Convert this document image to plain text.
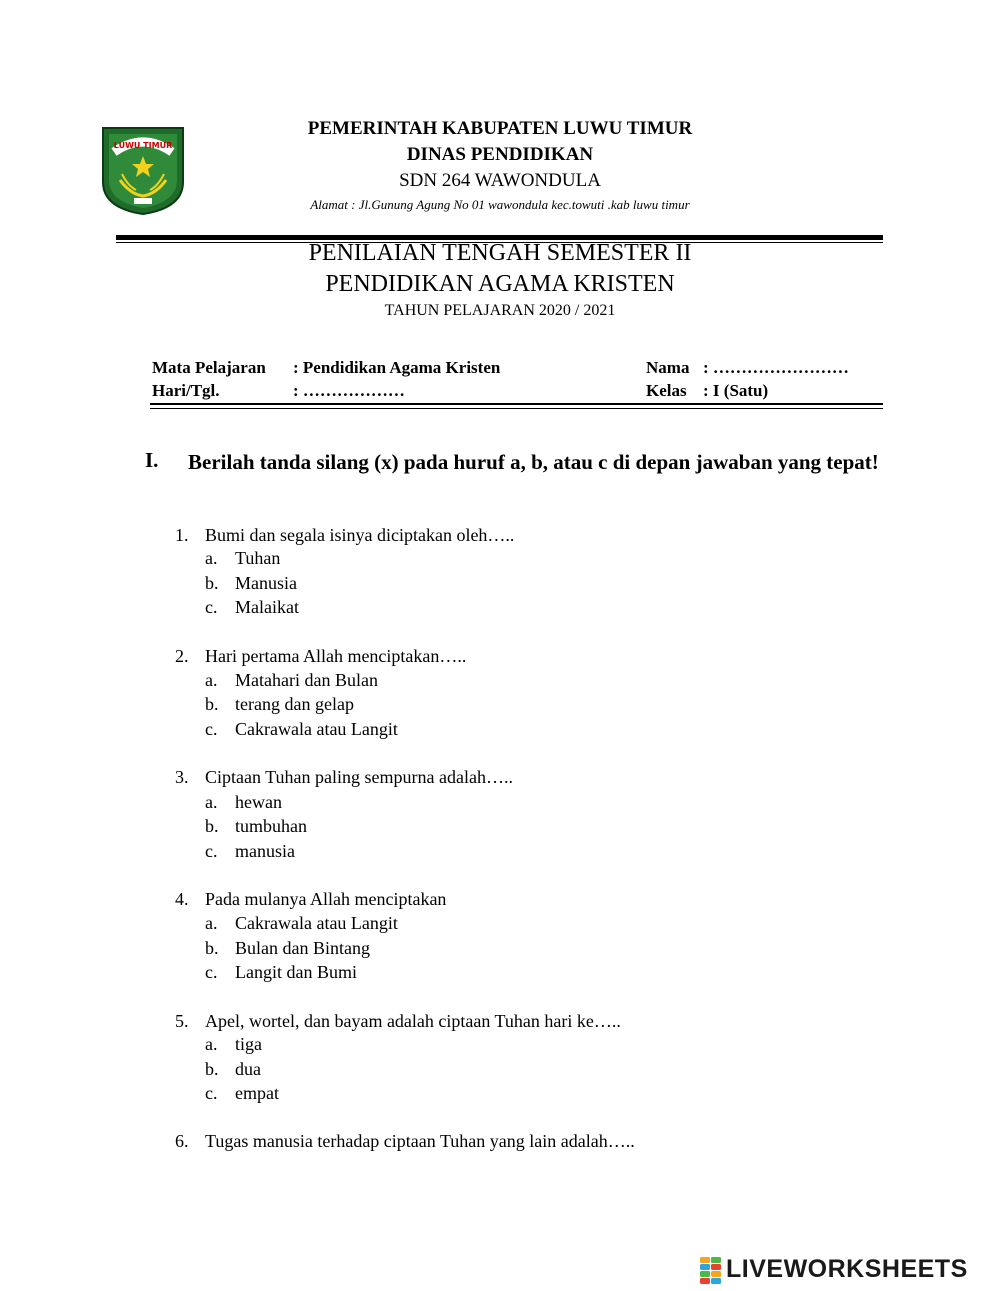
LUWU TIMUR
PEMERINTAH KABUPATEN LUWU TIMUR
DINAS PENDIDIKAN
SDN 264 WAWONDULA
Alamat : Jl.Gunung Agung No 01 wawondula kec.towuti .kab luwu timur
PENILAIAN TENGAH SEMESTER II
PENDIDIKAN AGAMA KRISTEN
TAHUN PELAJARAN 2020 / 2021
Mata Pelajaran : Pendidikan Agama Kristen
Hari/Tgl.	: ………………
Nama : ……………………
Kelas : I (Satu)
I. Berilah tanda silang (x) pada huruf a, b, atau c di depan jawaban yang tepat!
1. Bumi dan segala isinya diciptakan oleh…..
a. Tuhan
b. Manusia
c. Malaikat
2. Hari pertama Allah menciptakan…..
a. Matahari dan Bulan
b. terang dan gelap
c. Cakrawala atau Langit
3. Ciptaan Tuhan paling sempurna adalah…..
a. hewan
b. tumbuhan
c. manusia
4. Pada mulanya Allah menciptakan
a. Cakrawala atau Langit
b. Bulan dan Bintang
c. Langit dan Bumi
5. Apel, wortel, dan bayam adalah ciptaan Tuhan hari ke…..
a. tiga
b. dua
c. empat
6. Tugas manusia terhadap ciptaan Tuhan yang lain adalah…..
LIVEWORKSHEETS
